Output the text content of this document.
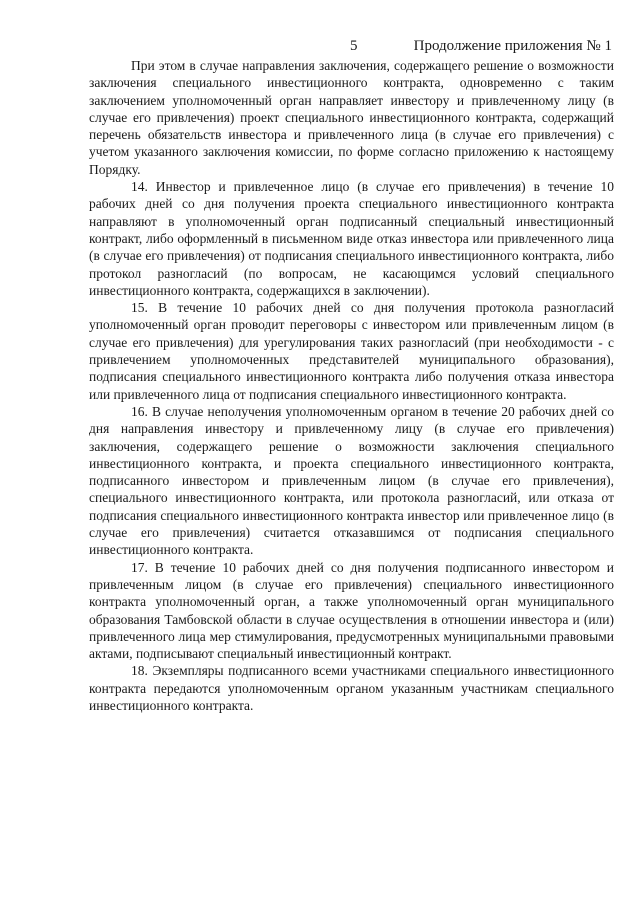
5	Продолжение приложения № 1

При этом в случае направления заключения, содержащего решение о возможности заключения специального инвестиционного контракта, одновременно с таким заключением уполномоченный орган направляет инвестору и привлеченному лицу (в случае его привлечения) проект специального инвестиционного контракта, содержащий перечень обязательств инвестора и привлеченного лица (в случае его привлечения) с учетом указанного заключения комиссии, по форме согласно приложению к настоящему Порядку.

14. Инвестор и привлеченное лицо (в случае его привлечения) в течение 10 рабочих дней со дня получения проекта специального инвестиционного контракта направляют в уполномоченный орган подписанный специальный инвестиционный контракт, либо оформленный в письменном виде отказ инвестора или привлеченного лица (в случае его привлечения) от подписания специального инвестиционного контракта, либо протокол разногласий (по вопросам, не касающимся условий специального инвестиционного контракта, содержащихся в заключении).

15. В течение 10 рабочих дней со дня получения протокола разногласий уполномоченный орган проводит переговоры с инвестором или привлеченным лицом (в случае его привлечения) для урегулирования таких разногласий (при необходимости - с привлечением уполномоченных представителей муниципального образования), подписания специального инвестиционного контракта либо получения отказа инвестора или привлеченного лица от подписания специального инвестиционного контракта.

16. В случае неполучения уполномоченным органом в течение 20 рабочих дней со дня направления инвестору и привлеченному лицу (в случае его привлечения) заключения, содержащего решение о возможности заключения специального инвестиционного контракта, и проекта специального инвестиционного контракта, подписанного инвестором и привлеченным лицом (в случае его привлечения), специального инвестиционного контракта, или протокола разногласий, или отказа от подписания специального инвестиционного контракта инвестор или привлеченное лицо (в случае его привлечения) считается отказавшимся от подписания специального инвестиционного контракта.

17. В течение 10 рабочих дней со дня получения подписанного инвестором и привлеченным лицом (в случае его привлечения) специального инвестиционного контракта уполномоченный орган, а также уполномоченный орган муниципального образования Тамбовской области в случае осуществления в отношении инвестора и (или) привлеченного лица мер стимулирования, предусмотренных муниципальными правовыми актами, подписывают специальный инвестиционный контракт.

18. Экземпляры подписанного всеми участниками специального инвестиционного контракта передаются уполномоченным органом указанным участникам специального инвестиционного контракта.
